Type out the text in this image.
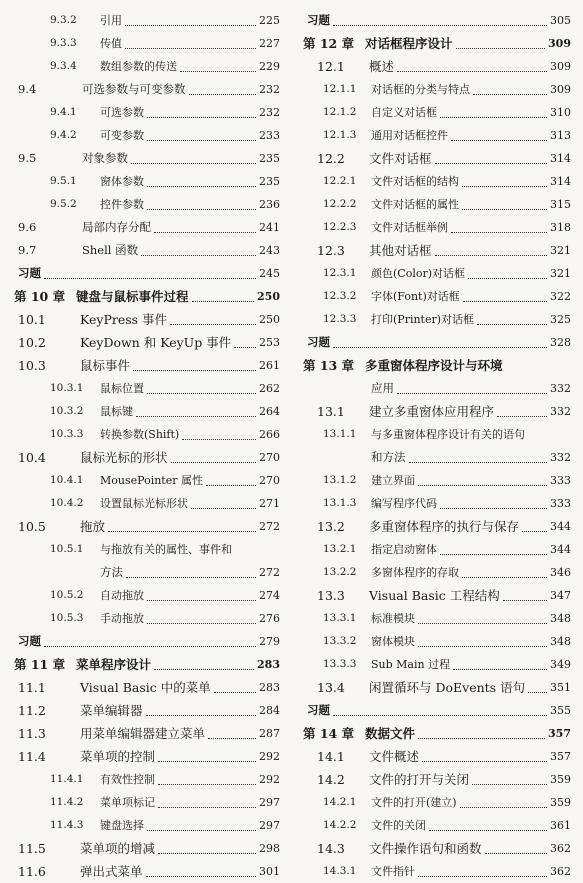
9.3.2	引用	225
9.3.3	传值	227
9.3.4	数组参数的传送	229
9.4	可选参数与可变参数	232
9.4.1	可选参数	232
9.4.2	可变参数	233
9.5	对象参数	235
9.5.1	窗体参数	235
9.5.2	控件参数	236
9.6	局部内存分配	241
9.7	Shell 函数	243
习题	245
第 10 章 键盘与鼠标事件过程	250
10.1	KeyPress 事件	250
10.2	KeyDown 和 KeyUp 事件	253
10.3	鼠标事件	261
10.3.1	鼠标位置	262
10.3.2	鼠标键	264
10.3.3	转换参数(Shift)	266
10.4	鼠标光标的形状	270
10.4.1	MousePointer 属性	270
10.4.2	设置鼠标光标形状	271
10.5	拖放	272
10.5.1	与拖放有关的属性、事件和
方法	272
10.5.2	自动拖放	274
10.5.3	手动拖放	276
习题	279
第 11 章 菜单程序设计	283
11.1	Visual Basic 中的菜单	283
11.2	菜单编辑器	284
11.3	用菜单编辑器建立菜单	287
11.4	菜单项的控制	292
11.4.1	有效性控制	292
11.4.2	菜单项标记	297
11.4.3	键盘选择	297
11.5	菜单项的增减	298
11.6	弹出式菜单	301
习题	305
第 12 章 对话框程序设计	309
12.1	概述	309
12.1.1	对话框的分类与特点	309
12.1.2	自定义对话框	310
12.1.3	通用对话框控件	313
12.2	文件对话框	314
12.2.1	文件对话框的结构	314
12.2.2	文件对话框的属性	315
12.2.3	文件对话框举例	318
12.3	其他对话框	321
12.3.1	颜色(Color)对话框	321
12.3.2	字体(Font)对话框	322
12.3.3	打印(Printer)对话框	325
习题	328
第 13 章 多重窗体程序设计与环境
应用	332
13.1	建立多重窗体应用程序	332
13.1.1	与多重窗体程序设计有关的语句
和方法	332
13.1.2	建立界面	333
13.1.3	编写程序代码	333
13.2	多重窗体程序的执行与保存	344
13.2.1	指定启动窗体	344
13.2.2	多窗体程序的存取	346
13.3	Visual Basic 工程结构	347
13.3.1	标准模块	348
13.3.2	窗体模块	348
13.3.3	Sub Main 过程	349
13.4	闲置循环与 DoEvents 语句 351
习题	355
第 14 章 数据文件	357
14.1	文件概述	357
14.2	文件的打开与关闭	359
14.2.1	文件的打开(建立)	359
14.2.2	文件的关闭	361
14.3	文件操作语句和函数	362
14.3.1	文件指针	362
